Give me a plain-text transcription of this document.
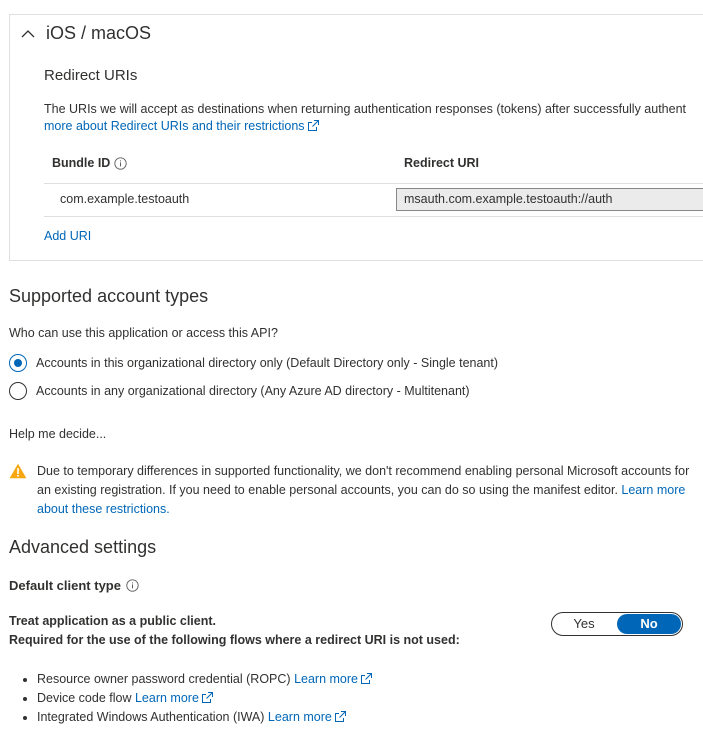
iOS / macOS
Redirect URIs
The URIs we will accept as destinations when returning authentication responses (tokens) after successfully authent
more about Redirect URIs and their restrictions
Bundle ID	Redirect URI
com.example.testoauth	msauth.com.example.testoauth://auth
Add URI
Supported account types
Who can use this application or access this API?
Accounts in this organizational directory only (Default Directory only - Single tenant)
Accounts in any organizational directory (Any Azure AD directory - Multitenant)
Help me decide...
Due to temporary differences in supported functionality, we don't recommend enabling personal Microsoft accounts for an existing registration. If you need to enable personal accounts, you can do so using the manifest editor. Learn more about these restrictions.
Advanced settings
Default client type
Treat application as a public client.
Required for the use of the following flows where a redirect URI is not used:
Yes	No
• Resource owner password credential (ROPC) Learn more
• Device code flow Learn more
• Integrated Windows Authentication (IWA) Learn more
